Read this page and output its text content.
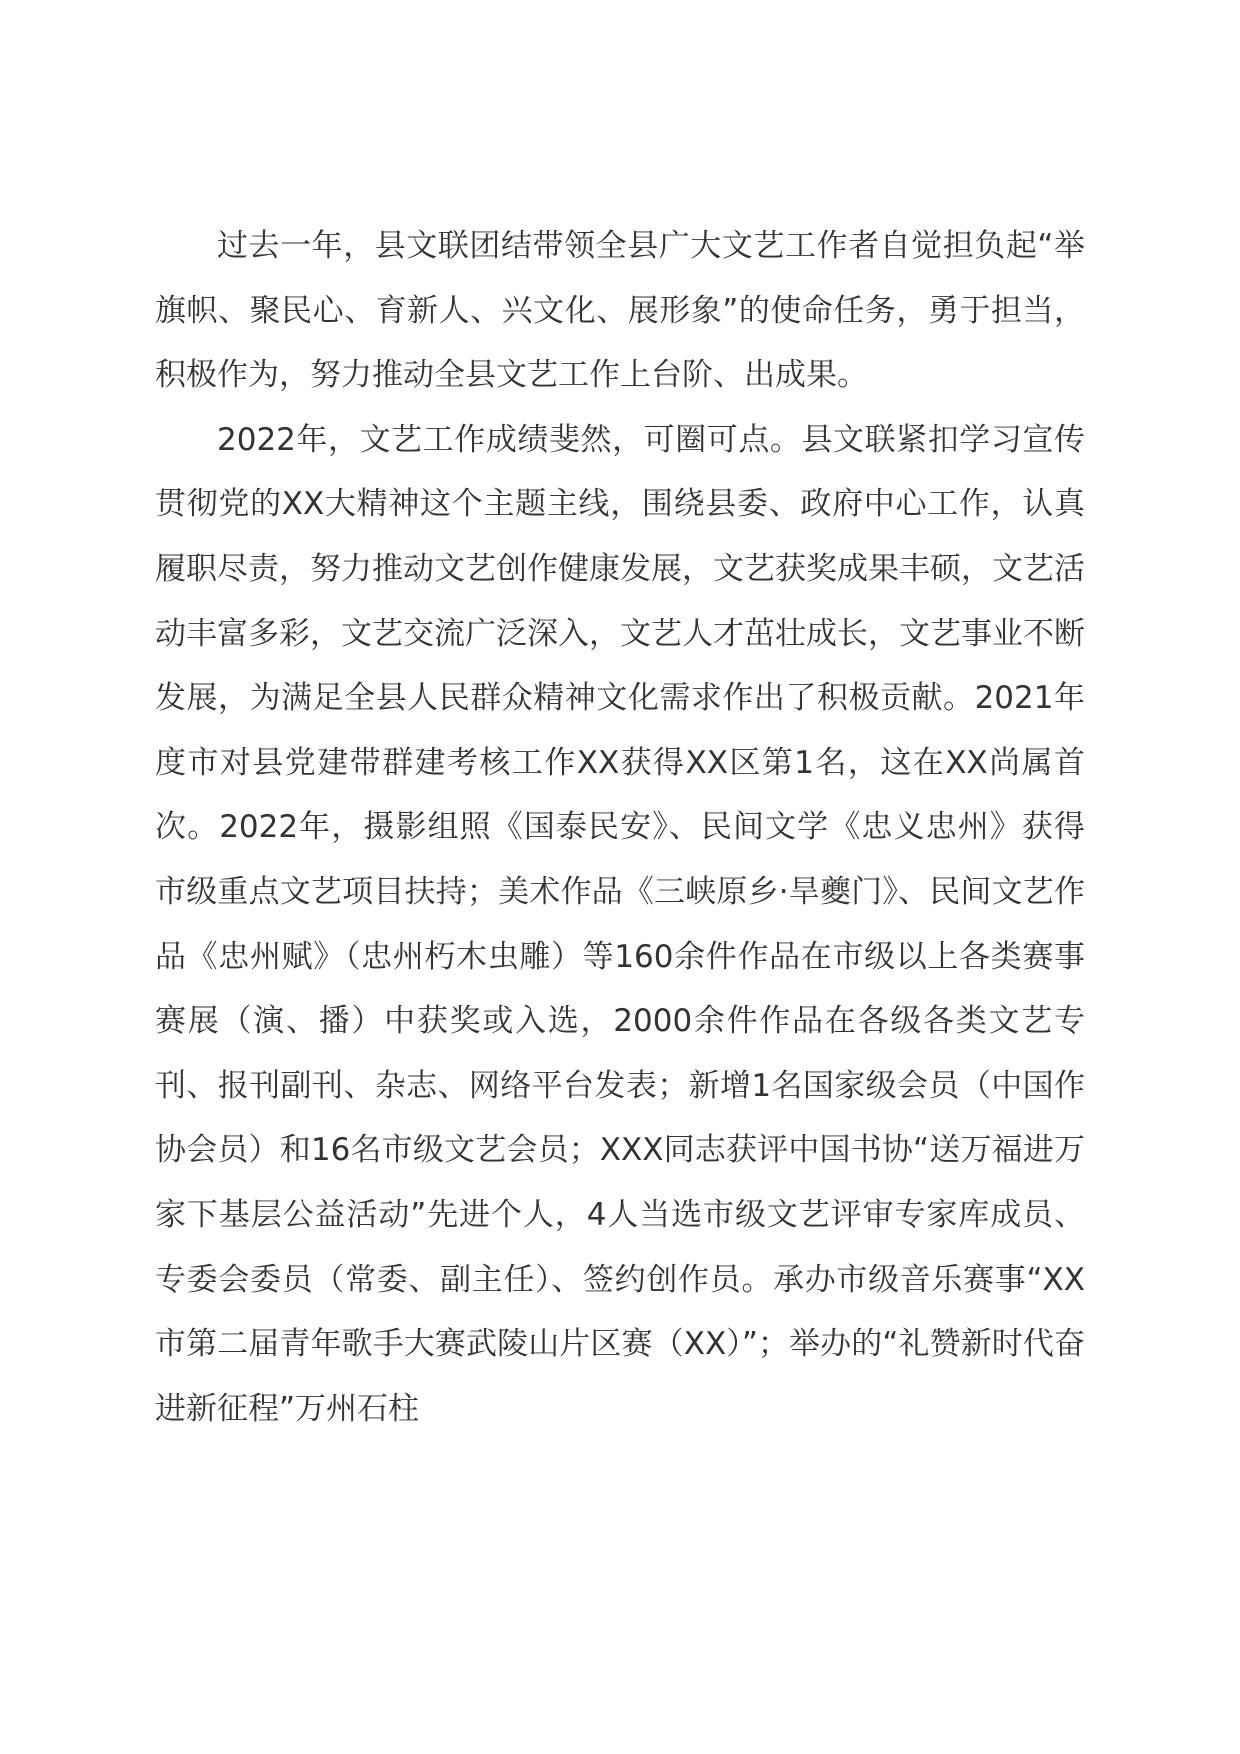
过去一年，县文联团结带领全县广大文艺工作者自觉担负起“举旗帜、聚民心、育新人、兴文化、展形象”的使命任务，勇于担当，积极作为，努力推动全县文艺工作上台阶、出成果。

2022年，文艺工作成绩斐然，可圈可点。县文联紧扣学习宣传贯彻党的XX大精神这个主题主线，围绕县委、政府中心工作，认真履职尽责，努力推动文艺创作健康发展，文艺获奖成果丰硕，文艺活动丰富多彩，文艺交流广泛深入，文艺人才茁壮成长，文艺事业不断发展，为满足全县人民群众精神文化需求作出了积极贡献。2021年度市对县党建带群建考核工作XX获得XX区第1名，这在XX尚属首次。2022年，摄影组照《国泰民安》、民间文学《忠义忠州》获得市级重点文艺项目扶持；美术作品《三峡原乡·旱夔门》、民间文艺作品《忠州赋》（忠州朽木虫雕）等160余件作品在市级以上各类赛事赛展（演、播）中获奖或入选，2000余件作品在各级各类文艺专刊、报刊副刊、杂志、网络平台发表；新增1名国家级会员（中国作协会员）和16名市级文艺会员；XXX同志获评中国书协“送万福进万家下基层公益活动”先进个人，4人当选市级文艺评审专家库成员、专委会委员（常委、副主任）、签约创作员。承办市级音乐赛事“XX市第二届青年歌手大赛武陵山片区赛（XX）”；举办的“礼赞新时代奋进新征程”万州石柱
